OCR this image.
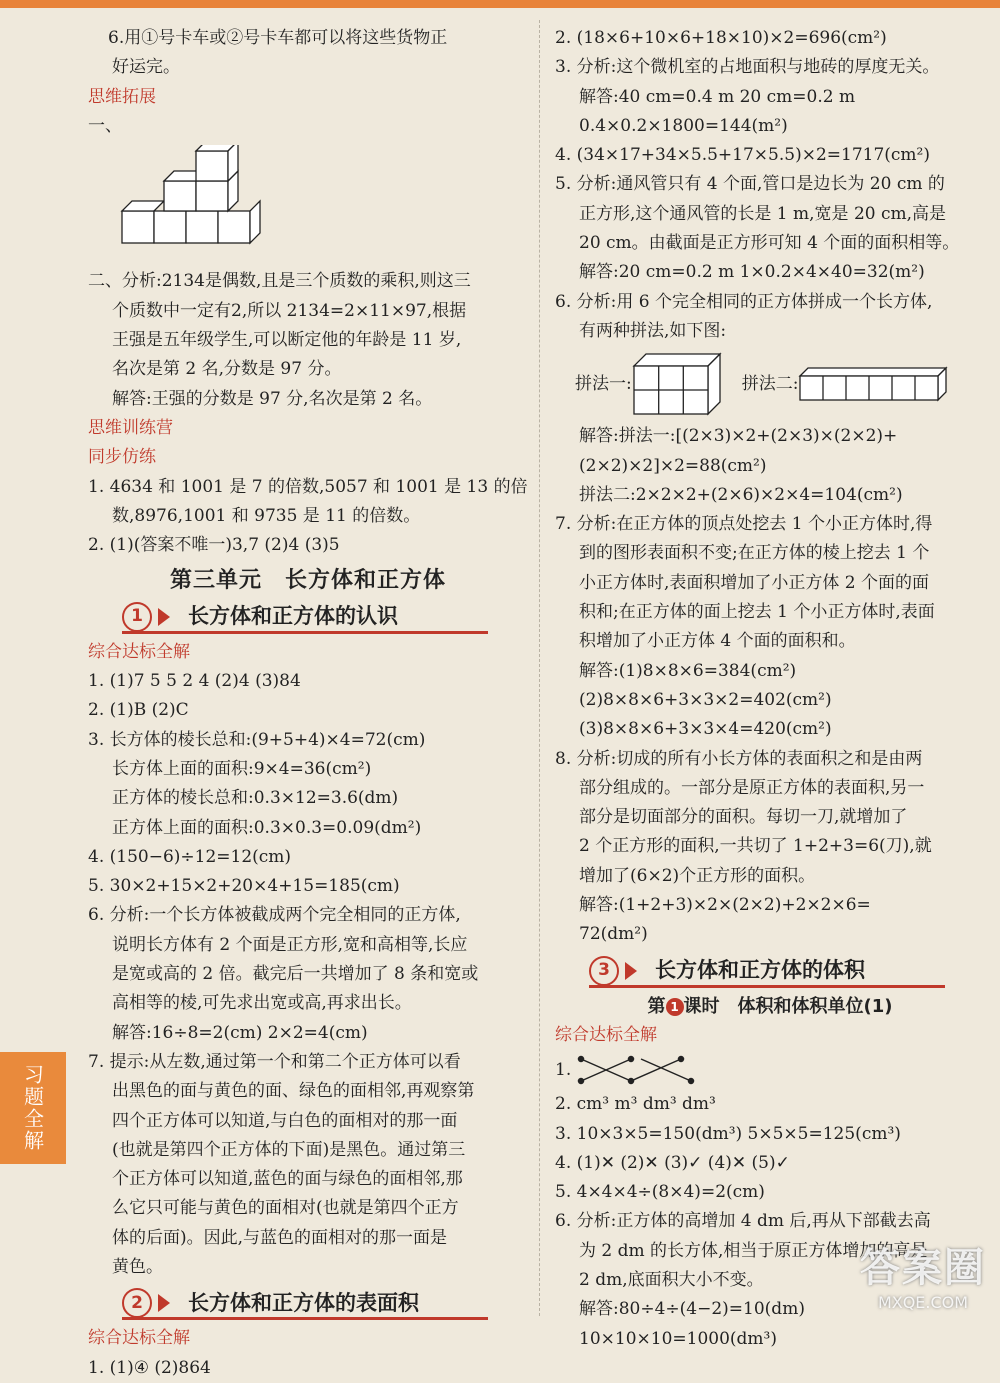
习题全解
6.用①号卡车或②号卡车都可以将这些货物正
好运完。
思维拓展
一、
二、分析:2134是偶数,且是三个质数的乘积,则这三
个质数中一定有2,所以 2134=2×11×97,根据
王强是五年级学生,可以断定他的年龄是 11 岁,
名次是第 2 名,分数是 97 分。
解答:王强的分数是 97 分,名次是第 2 名。
思维训练营
同步仿练
1. 4634 和 1001 是 7 的倍数,5057 和 1001 是 13 的倍
数,8976,1001 和 9735 是 11 的倍数。
2. (1)(答案不唯一)3,7 (2)4 (3)5
第三单元　长方体和正方体
1	长方体和正方体的认识
综合达标全解
1. (1)7 5 5 2 4 (2)4 (3)84
2. (1)B (2)C
3. 长方体的棱长总和:(9+5+4)×4=72(cm)
长方体上面的面积:9×4=36(cm²)
正方体的棱长总和:0.3×12=3.6(dm)
正方体上面的面积:0.3×0.3=0.09(dm²)
4. (150−6)÷12=12(cm)
5. 30×2+15×2+20×4+15=185(cm)
6. 分析:一个长方体被截成两个完全相同的正方体,
说明长方体有 2 个面是正方形,宽和高相等,长应
是宽或高的 2 倍。截完后一共增加了 8 条和宽或
高相等的棱,可先求出宽或高,再求出长。
解答:16÷8=2(cm) 2×2=4(cm)
7. 提示:从左数,通过第一个和第二个正方体可以看
出黑色的面与黄色的面、绿色的面相邻,再观察第
四个正方体可以知道,与白色的面相对的那一面
(也就是第四个正方体的下面)是黑色。通过第三
个正方体可以知道,蓝色的面与绿色的面相邻,那
么它只可能与黄色的面相对(也就是第四个正方
体的后面)。因此,与蓝色的面相对的那一面是
黄色。
2	长方体和正方体的表面积
综合达标全解
1. (1)④ (2)864
2. (18×6+10×6+18×10)×2=696(cm²)
3. 分析:这个微机室的占地面积与地砖的厚度无关。
解答:40 cm=0.4 m 20 cm=0.2 m
0.4×0.2×1800=144(m²)
4. (34×17+34×5.5+17×5.5)×2=1717(cm²)
5. 分析:通风管只有 4 个面,管口是边长为 20 cm 的
正方形,这个通风管的长是 1 m,宽是 20 cm,高是
20 cm。由截面是正方形可知 4 个面的面积相等。
解答:20 cm=0.2 m 1×0.2×4×40=32(m²)
6. 分析:用 6 个完全相同的正方体拼成一个长方体,
有两种拼法,如下图:
拼法一:	拼法二:
解答:拼法一:[(2×3)×2+(2×3)×(2×2)+
(2×2)×2]×2=88(cm²)
拼法二:2×2×2+(2×6)×2×4=104(cm²)
7. 分析:在正方体的顶点处挖去 1 个小正方体时,得
到的图形表面积不变;在正方体的棱上挖去 1 个
小正方体时,表面积增加了小正方体 2 个面的面
积和;在正方体的面上挖去 1 个小正方体时,表面
积增加了小正方体 4 个面的面积和。
解答:(1)8×8×6=384(cm²)
(2)8×8×6+3×3×2=402(cm²)
(3)8×8×6+3×3×4=420(cm²)
8. 分析:切成的所有小长方体的表面积之和是由两
部分组成的。一部分是原正方体的表面积,另一
部分是切面部分的面积。每切一刀,就增加了
2 个正方形的面积,一共切了 1+2+3=6(刀),就
增加了(6×2)个正方形的面积。
解答:(1+2+3)×2×(2×2)+2×2×6=
72(dm²)
3	长方体和正方体的体积
第 1 课时　体积和体积单位(1)
综合达标全解
1.
2. cm³ m³ dm³ dm³
3. 10×3×5=150(dm³) 5×5×5=125(cm³)
4. (1)✕ (2)✕ (3)✓ (4)✕ (5)✓
5. 4×4×4÷(8×4)=2(cm)
6. 分析:正方体的高增加 4 dm 后,再从下部截去高
为 2 dm 的长方体,相当于原正方体增加的高是
2 dm,底面积大小不变。
解答:80÷4÷(4−2)=10(dm)
10×10×10=1000(dm³)
答案圈
MXQE.COM
